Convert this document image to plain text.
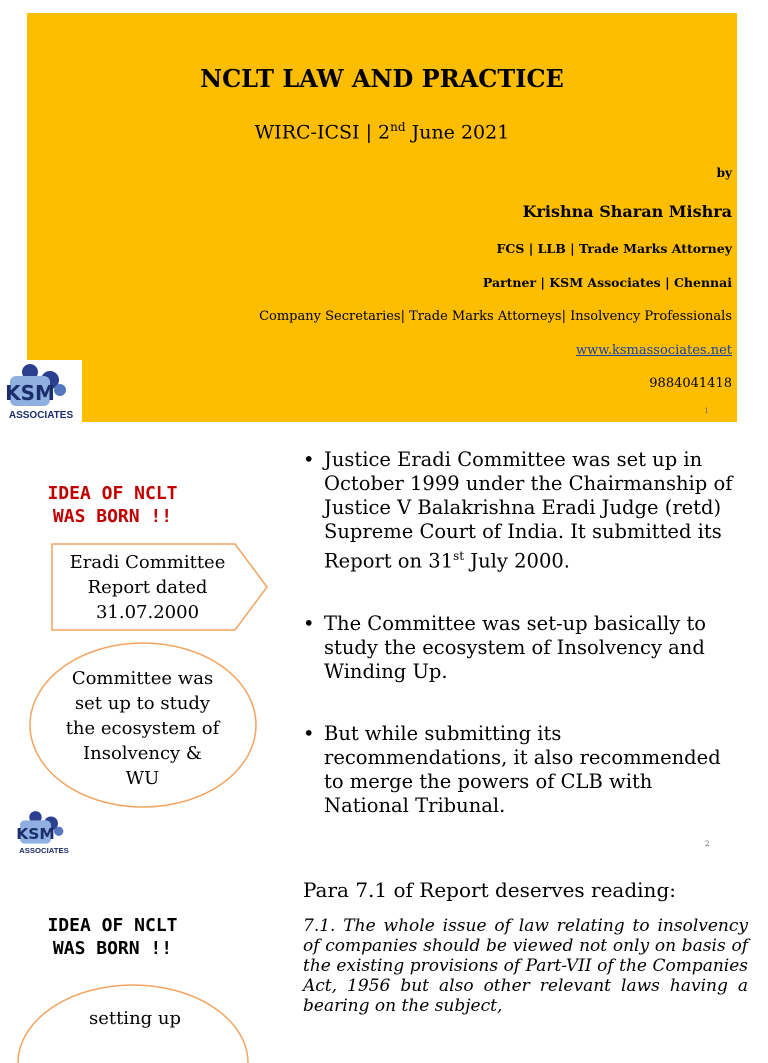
NCLT LAW AND PRACTICE
WIRC-ICSI | 2nd June 2021
by
Krishna Sharan Mishra
FCS | LLB | Trade Marks Attorney
Partner | KSM Associates | Chennai
Company Secretaries| Trade Marks Attorneys| Insolvency Professionals
www.ksmassociates.net
9884041418
1
KSM
ASSOCIATES
IDEA OF NCLT
WAS BORN !!
Eradi Committee
Report dated
31.07.2000
Committee was
set up to study
the ecosystem of
Insolvency &
WU
KSM
ASSOCIATES
• Justice Eradi Committee was set up in October 1999 under the Chairmanship of Justice V Balakrishna Eradi Judge (retd) Supreme Court of India. It submitted its Report on 31st July 2000.
• The Committee was set-up basically to study the ecosystem of Insolvency and Winding Up.
• But while submitting its recommendations, it also recommended to merge the powers of CLB with National Tribunal.
2
IDEA OF NCLT
WAS BORN !!
Para 7.1 of Report deserves reading:
7.1. The whole issue of law relating to insolvency of companies should be viewed not only on basis of the existing provisions of Part-VII of the Companies Act, 1956 but also other relevant laws having a bearing on the subject,
setting up
